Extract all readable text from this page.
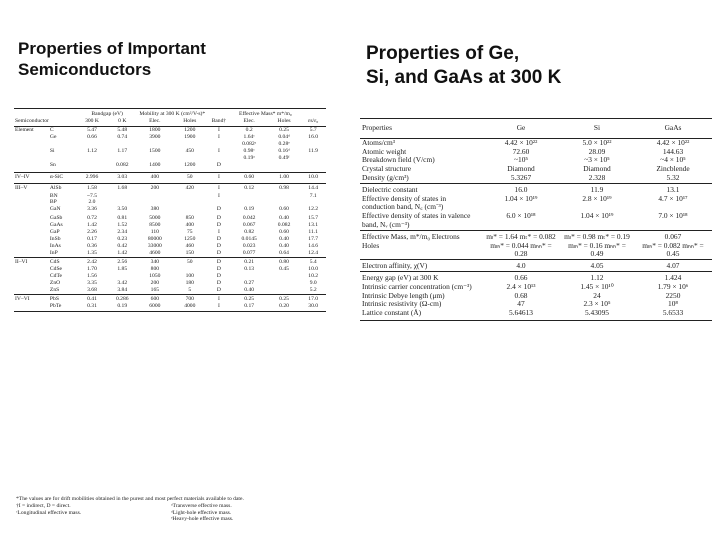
Properties of Important
Semiconductors
Properties of Ge,
Si, and GaAs at 300 K
		Bandgap (eV)		Mobility at 300 K (cm²/V-s)*			Effective Mass* m*/m₀		
Semiconductor		300 K	0 K	Elec.	Holes	Band†	Elec.	Holes	εs/ε₀
Element	C	5.47	5.48	1800	1200	I	0.2	0.25	5.7
	Ge	0.66	0.74	3900	1900	I	1.64ᶜ	0.04ᵈ	16.0
							0.082ᵃ	0.28ᵉ	
	Si	1.12	1.17	1500	450	I	0.98ᶜ	0.16ᵈ	11.9
							0.19ᵃ	0.49ᶠ	
	Sn		0.082	1400	1200	D			
IV–IV	α-SiC	2.996	3.03	400	50	I	0.60	1.00	10.0
III–V	AlSb	1.58	1.68	200	420	I	0.12	0.98	14.4
	BN	~7.5				I			7.1
	BP	2.0							
	GaN	3.36	3.50	380		D	0.19	0.60	12.2
	GaSb	0.72	0.81	5000	850	D	0.042	0.40	15.7
	GaAs	1.42	1.52	8500	400	D	0.067	0.082	13.1
	GaP	2.26	2.34	110	75	I	0.82	0.60	11.1
	InSb	0.17	0.23	80000	1250	D	0.0145	0.40	17.7
	InAs	0.36	0.42	33000	460	D	0.023	0.40	14.6
	InP	1.35	1.42	4600	150	D	0.077	0.64	12.4
II–VI	CdS	2.42	2.56	340	50	D	0.21	0.80	5.4
	CdSe	1.70	1.85	800		D	0.13	0.45	10.0
	CdTe	1.56		1050	100	D			10.2
	ZnO	3.35	3.42	200	180	D	0.27		9.0
	ZnS	3.68	3.84	165	5	D	0.40		5.2
IV–VI	PbS	0.41	0.286	600	700	I	0.25	0.25	17.0
	PbTe	0.31	0.19	6000	4000	I	0.17	0.20	30.0
*The values are for drift mobilities obtained in the purest and most perfect materials available to date.
†I = indirect, D = direct.	ᵃTransverse effective mass.
ᶜLongitudinal effective mass.	ᵈLight-hole effective mass.
ᵉHeavy-hole effective mass.
Properties	Ge	Si	GaAs
Atoms/cm³	4.42 × 10²²	5.0 × 10²²	4.42 × 10²²
Atomic weight	72.60	28.09	144.63
Breakdown field (V/cm)	~10⁵	~3 × 10⁵	~4 × 10⁵
Crystal structure	Diamond	Diamond	Zincblende
Density (g/cm³)	5.3267	2.328	5.32
Dielectric constant	16.0	11.9	13.1
Effective density of states in conduction band, N꜀ (cm⁻³)	1.04 × 10¹⁹	2.8 × 10¹⁹	4.7 × 10¹⁷
Effective density of states in valence band, Nᵥ (cm⁻³)	6.0 × 10¹⁸	1.04 × 10¹⁹	7.0 × 10¹⁸
Effective Mass, m*/m₀ Electrons	mₗ* = 1.64 mₜ* = 0.082	mₗ* = 0.98 mₜ* = 0.19	0.067
Holes	mₗₕ* = 0.044 mₕₕ* = 0.28	mₗₕ* = 0.16 mₕₕ* = 0.49	mₗₕ* = 0.082 mₕₕ* = 0.45
Electron affinity, χ(V)	4.0	4.05	4.07
Energy gap (eV) at 300 K	0.66	1.12	1.424
Intrinsic carrier concentration (cm⁻³)	2.4 × 10¹³	1.45 × 10¹⁰	1.79 × 10⁶
Intrinsic Debye length (μm)	0.68	24	2250
Intrinsic resistivity (Ω-cm)	47	2.3 × 10⁵	10⁸
Lattice constant (Å)	5.64613	5.43095	5.6533
